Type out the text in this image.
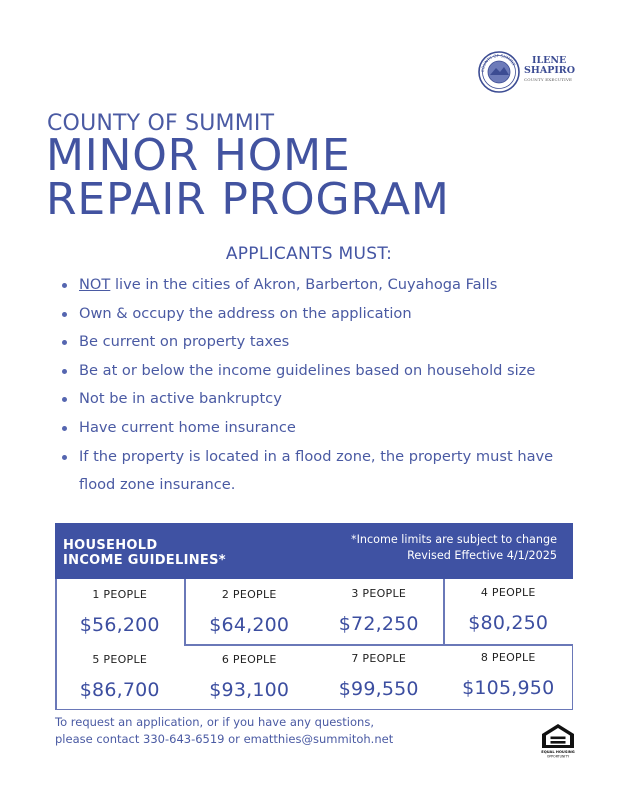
COUNTY OF SUMMIT	ILENE
SHAPIRO
COUNTY EXECUTIVE
COUNTY OF SUMMIT
MINOR HOME
REPAIR PROGRAM
APPLICANTS MUST:
NOT live in the cities of Akron, Barberton, Cuyahoga Falls
Own & occupy the address on the application
Be current on property taxes
Be at or below the income guidelines based on household size
Not be in active bankruptcy
Have current home insurance
If the property is located in a flood zone, the property must have
flood zone insurance.
HOUSEHOLD
INCOME GUIDELINES*
*Income limits are subject to change
Revised Effective 4/1/2025
1 PEOPLE
$56,200
2 PEOPLE
$64,200
3 PEOPLE
$72,250
4 PEOPLE
$80,250
5 PEOPLE
$86,700
6 PEOPLE
$93,100
7 PEOPLE
$99,550
8 PEOPLE
$105,950
To request an application, or if you have any questions,
please contact 330-643-6519 or ematthies@summitoh.net
EQUAL HOUSING
OPPORTUNITY
